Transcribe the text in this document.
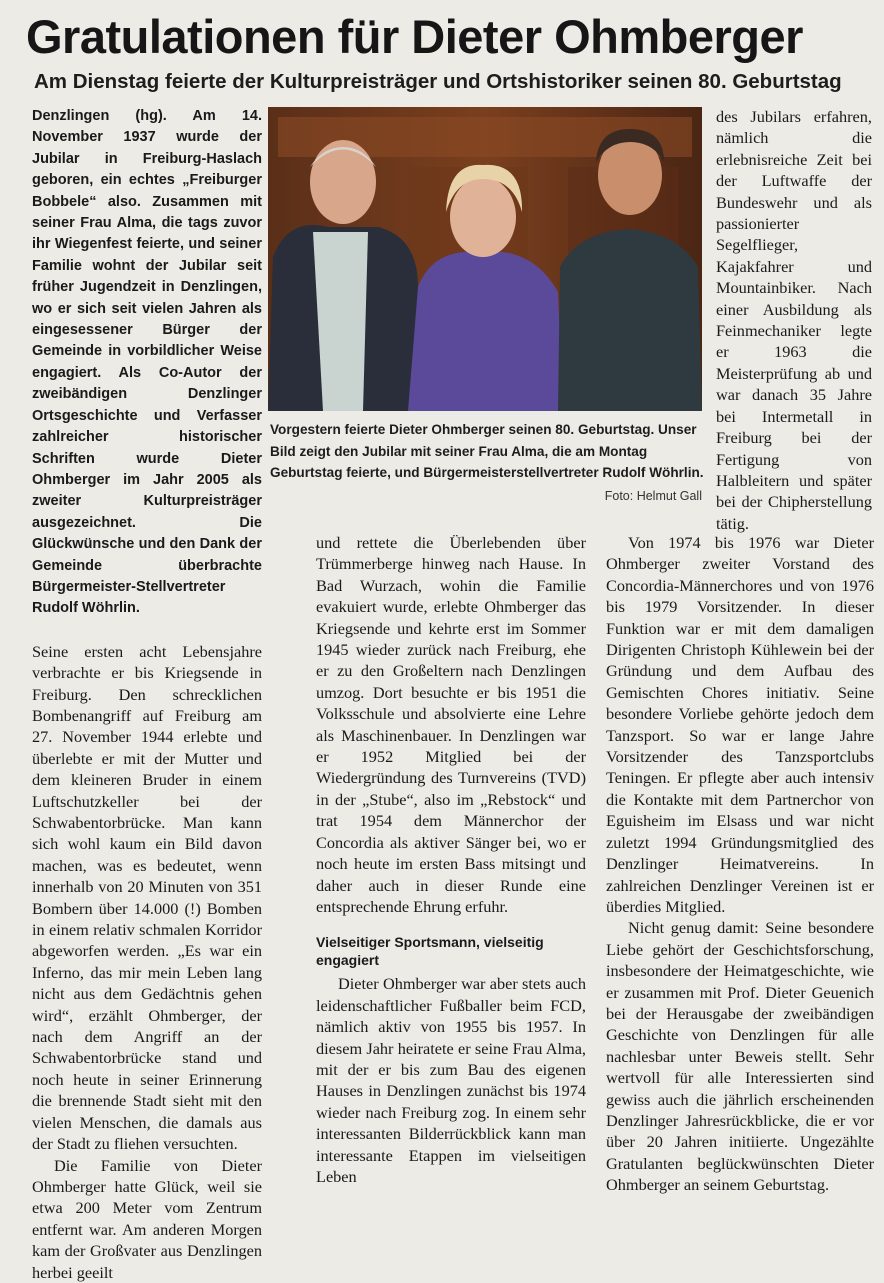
Gratulationen für Dieter Ohmberger
Am Dienstag feierte der Kulturpreisträger und Ortshistoriker seinen 80. Geburtstag

Denzlingen (hg). Am 14. November 1937 wurde der Jubilar in Freiburg-Haslach geboren, ein echtes „Freiburger Bobbele“ also. Zusammen mit seiner Frau Alma, die tags zuvor ihr Wiegenfest feierte, und seiner Familie wohnt der Jubilar seit früher Jugendzeit in Denzlingen, wo er sich seit vielen Jahren als eingesessener Bürger der Gemeinde in vorbildlicher Weise engagiert. Als Co-Autor der zweibändigen Denzlinger Ortsgeschichte und Verfasser zahlreicher historischer Schriften wurde Dieter Ohmberger im Jahr 2005 als zweiter Kulturpreisträger ausgezeichnet. Die Glückwünsche und den Dank der Gemeinde überbrachte Bürgermeister-Stellvertreter Rudolf Wöhrlin.

Seine ersten acht Lebensjahre verbrachte er bis Kriegsende in Freiburg. Den schrecklichen Bombenangriff auf Freiburg am 27. November 1944 erlebte und überlebte er mit der Mutter und dem kleineren Bruder in einem Luftschutzkeller bei der Schwabentorbrücke. Man kann sich wohl kaum ein Bild davon machen, was es bedeutet, wenn innerhalb von 20 Minuten von 351 Bombern über 14.000 (!) Bomben in einem relativ schmalen Korridor abgeworfen werden. „Es war ein Inferno, das mir mein Leben lang nicht aus dem Gedächtnis gehen wird“, erzählt Ohmberger, der nach dem Angriff an der Schwabentorbrücke stand und noch heute in seiner Erinnerung die brennende Stadt sieht mit den vielen Menschen, die damals aus der Stadt zu fliehen versuchten.

Die Familie von Dieter Ohmberger hatte Glück, weil sie etwa 200 Meter vom Zentrum entfernt war. Am anderen Morgen kam der Großvater aus Denzlingen herbei geeilt

Vorgestern feierte Dieter Ohmberger seinen 80. Geburtstag. Unser Bild zeigt den Jubilar mit seiner Frau Alma, die am Montag Geburtstag feierte, und Bürgermeisterstellvertreter Rudolf Wöhrlin.
Foto: Helmut Gall

und rettete die Überlebenden über Trümmerberge hinweg nach Hause. In Bad Wurzach, wohin die Familie evakuiert wurde, erlebte Ohmberger das Kriegsende und kehrte erst im Sommer 1945 wieder zurück nach Freiburg, ehe er zu den Großeltern nach Denzlingen umzog. Dort besuchte er bis 1951 die Volksschule und absolvierte eine Lehre als Maschinenbauer. In Denzlingen war er 1952 Mitglied bei der Wiedergründung des Turnvereins (TVD) in der „Stube“, also im „Rebstock“ und trat 1954 dem Männerchor der Concordia als aktiver Sänger bei, wo er noch heute im ersten Bass mitsingt und daher auch in dieser Runde eine entsprechende Ehrung erfuhr.

Vielseitiger Sportsmann, vielseitig engagiert

Dieter Ohmberger war aber stets auch leidenschaftlicher Fußballer beim FCD, nämlich aktiv von 1955 bis 1957. In diesem Jahr heiratete er seine Frau Alma, mit der er bis zum Bau des eigenen Hauses in Denzlingen zunächst bis 1974 wieder nach Freiburg zog. In einem sehr interessanten Bilderrückblick kann man interessante Etappen im vielseitigen Leben

des Jubilars erfahren, nämlich die erlebnisreiche Zeit bei der Luftwaffe der Bundeswehr und als passionierter Segelflieger, Kajakfahrer und Mountainbiker. Nach einer Ausbildung als Feinmechaniker legte er 1963 die Meisterprüfung ab und war danach 35 Jahre bei Intermetall in Freiburg bei der Fertigung von Halbleitern und später bei der Chipherstellung tätig.

Von 1974 bis 1976 war Dieter Ohmberger zweiter Vorstand des Concordia-Männerchores und von 1976 bis 1979 Vorsitzender. In dieser Funktion war er mit dem damaligen Dirigenten Christoph Kühlewein bei der Gründung und dem Aufbau des Gemischten Chores initiativ. Seine besondere Vorliebe gehörte jedoch dem Tanzsport. So war er lange Jahre Vorsitzender des Tanzsportclubs Teningen. Er pflegte aber auch intensiv die Kontakte mit dem Partnerchor von Eguisheim im Elsass und war nicht zuletzt 1994 Gründungsmitglied des Denzlinger Heimatvereins. In zahlreichen Denzlinger Vereinen ist er überdies Mitglied.

Nicht genug damit: Seine besondere Liebe gehört der Geschichtsforschung, insbesondere der Heimatgeschichte, wie er zusammen mit Prof. Dieter Geuenich bei der Herausgabe der zweibändigen Geschichte von Denzlingen für alle nachlesbar unter Beweis stellt. Sehr wertvoll für alle Interessierten sind gewiss auch die jährlich erscheinenden Denzlinger Jahresrückblicke, die er vor über 20 Jahren initiierte. Ungezählte Gratulanten beglückwünschten Dieter Ohmberger an seinem Geburtstag.
